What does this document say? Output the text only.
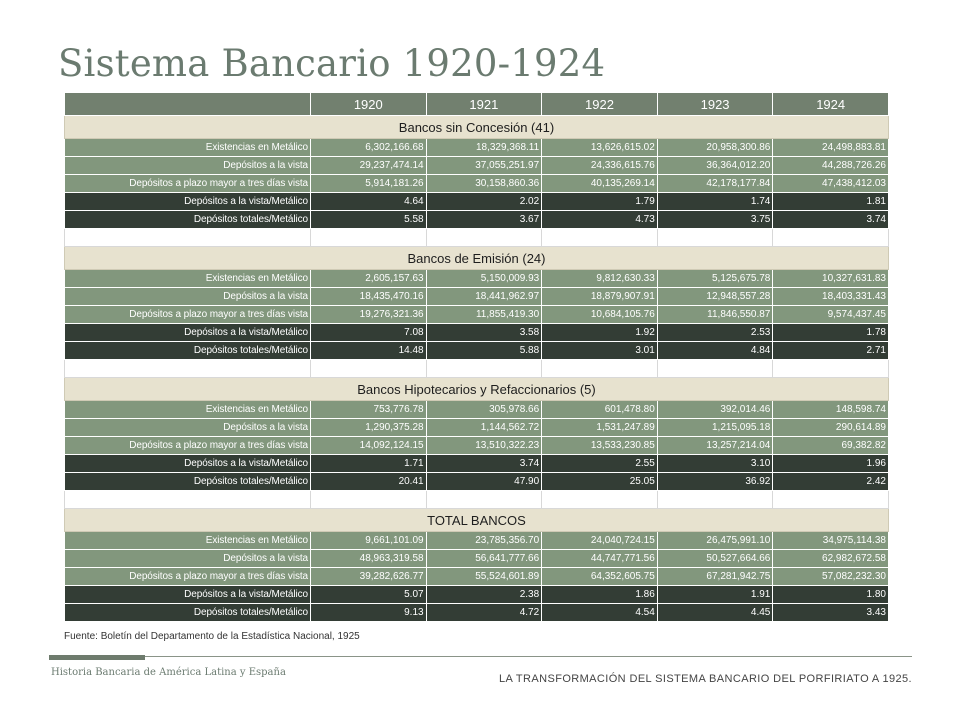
Sistema Bancario 1920-1924
	1920	1921	1922	1923	1924
Bancos sin Concesión (41)					
Existencias en Metálico	6,302,166.68	18,329,368.11	13,626,615.02	20,958,300.86	24,498,883.81
Depósitos a la vista	29,237,474.14	37,055,251.97	24,336,615.76	36,364,012.20	44,288,726.26
Depósitos a plazo mayor a tres días vista	5,914,181.26	30,158,860.36	40,135,269.14	42,178,177.84	47,438,412.03
Depósitos a la vista/Metálico	4.64	2.02	1.79	1.74	1.81
Depósitos totales/Metálico	5.58	3.67	4.73	3.75	3.74

Bancos de Emisión (24)					
Existencias en Metálico	2,605,157.63	5,150,009.93	9,812,630.33	5,125,675.78	10,327,631.83
Depósitos a la vista	18,435,470.16	18,441,962.97	18,879,907.91	12,948,557.28	18,403,331.43
Depósitos a plazo mayor a tres días vista	19,276,321.36	11,855,419.30	10,684,105.76	11,846,550.87	9,574,437.45
Depósitos a la vista/Metálico	7.08	3.58	1.92	2.53	1.78
Depósitos totales/Metálico	14.48	5.88	3.01	4.84	2.71

Bancos Hipotecarios y Refaccionarios (5)					
Existencias en Metálico	753,776.78	305,978.66	601,478.80	392,014.46	148,598.74
Depósitos a la vista	1,290,375.28	1,144,562.72	1,531,247.89	1,215,095.18	290,614.89
Depósitos a plazo mayor a tres días vista	14,092,124.15	13,510,322.23	13,533,230.85	13,257,214.04	69,382.82
Depósitos a la vista/Metálico	1.71	3.74	2.55	3.10	1.96
Depósitos totales/Metálico	20.41	47.90	25.05	36.92	2.42

TOTAL BANCOS					
Existencias en Metálico	9,661,101.09	23,785,356.70	24,040,724.15	26,475,991.10	34,975,114.38
Depósitos a la vista	48,963,319.58	56,641,777.66	44,747,771.56	50,527,664.66	62,982,672.58
Depósitos a plazo mayor a tres días vista	39,282,626.77	55,524,601.89	64,352,605.75	67,281,942.75	57,082,232.30
Depósitos a la vista/Metálico	5.07	2.38	1.86	1.91	1.80
Depósitos totales/Metálico	9.13	4.72	4.54	4.45	3.43
Fuente: Boletín del Departamento de la Estadística Nacional, 1925
Historia Bancaria de América Latina y España
LA TRANSFORMACIÓN DEL SISTEMA BANCARIO DEL PORFIRIATO A 1925.
